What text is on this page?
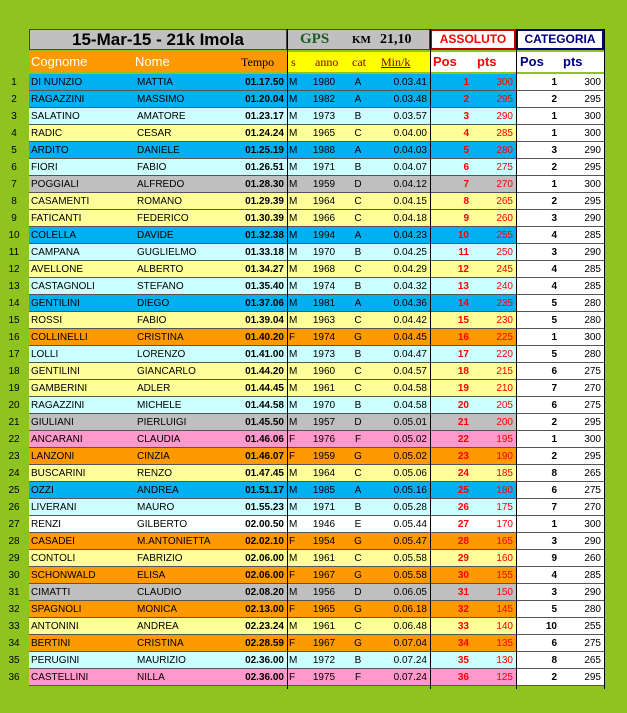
15-Mar-15 - 21k Imola	GPS KM 21,10	ASSOLUTO	CATEGORIA
Cognome	Nome	Tempo s anno cat Min/k Pos pts Pos pts
1	DI NUNZIO	MATTIA	01.17.50 M	1980	A	0.03.41	1	300	1	300
2	RAGAZZINI	MASSIMO	01.20.04 M	1982	A	0.03.48	2	295	2	295
3	SALATINO	AMATORE	01.23.17 M	1973	B	0.03.57	3	290	1	300
4	RADIC	CESAR	01.24.24 M	1965	C	0.04.00	4	285	1	300
5	ARDITO	DANIELE	01.25.19 M	1988	A	0.04.03	5	280	3	290
6	FIORI	FABIO	01.26.51 M	1971	B	0.04.07	6	275	2	295
7	POGGIALI	ALFREDO	01.28.30 M	1959	D	0.04.12	7	270	1	300
8	CASAMENTI	ROMANO	01.29.39 M	1964	C	0.04.15	8	265	2	295
9	FATICANTI	FEDERICO	01.30.39 M	1966	C	0.04.18	9	260	3	290
10	COLELLA	DAVIDE	01.32.38 M	1994	A	0.04.23	10	255	4	285
11	CAMPANA	GUGLIELMO	01.33.18 M	1970	B	0.04.25	11	250	3	290
12	AVELLONE	ALBERTO	01.34.27 M	1968	C	0.04.29	12	245	4	285
13	CASTAGNOLI	STEFANO	01.35.40 M	1974	B	0.04.32	13	240	4	285
14	GENTILINI	DIEGO	01.37.06 M	1981	A	0.04.36	14	235	5	280
15	ROSSI	FABIO	01.39.04 M	1963	C	0.04.42	15	230	5	280
16	COLLINELLI	CRISTINA	01.40.20 F	1974	G	0.04.45	16	225	1	300
17	LOLLI	LORENZO	01.41.00 M	1973	B	0.04.47	17	220	5	280
18	GENTILINI	GIANCARLO	01.44.20 M	1960	C	0.04.57	18	215	6	275
19	GAMBERINI	ADLER	01.44.45 M	1961	C	0.04.58	19	210	7	270
20	RAGAZZINI	MICHELE	01.44.58 M	1970	B	0.04.58	20	205	6	275
21	GIULIANI	PIERLUIGI	01.45.50 M	1957	D	0.05.01	21	200	2	295
22	ANCARANI	CLAUDIA	01.46.06 F	1976	F	0.05.02	22	195	1	300
23	LANZONI	CINZIA	01.46.07 F	1959	G	0.05.02	23	190	2	295
24	BUSCARINI	RENZO	01.47.45 M	1964	C	0.05.06	24	185	8	265
25	OZZI	ANDREA	01.51.17 M	1985	A	0.05.16	25	180	6	275
26	LIVERANI	MAURO	01.55.23 M	1971	B	0.05.28	26	175	7	270
27	RENZI	GILBERTO	02.00.50 M	1946	E	0.05.44	27	170	1	300
28	CASADEI	M.ANTONIETTA	02.02.10 F	1954	G	0.05.47	28	165	3	290
29	CONTOLI	FABRIZIO	02.06.00 M	1961	C	0.05.58	29	160	9	260
30	SCHONWALD	ELISA	02.06.00 F	1967	G	0.05.58	30	155	4	285
31	CIMATTI	CLAUDIO	02.08.20 M	1956	D	0.06.05	31	150	3	290
32	SPAGNOLI	MONICA	02.13.00 F	1965	G	0.06.18	32	145	5	280
33	ANTONINI	ANDREA	02.23.24 M	1961	C	0.06.48	33	140	10	255
34	BERTINI	CRISTINA	02.28.59 F	1967	G	0.07.04	34	135	6	275
35	PERUGINI	MAURIZIO	02.36.00 M	1972	B	0.07.24	35	130	8	265
36	CASTELLINI	NILLA	02.36.00 F	1975	F	0.07.24	36	125	2	295
